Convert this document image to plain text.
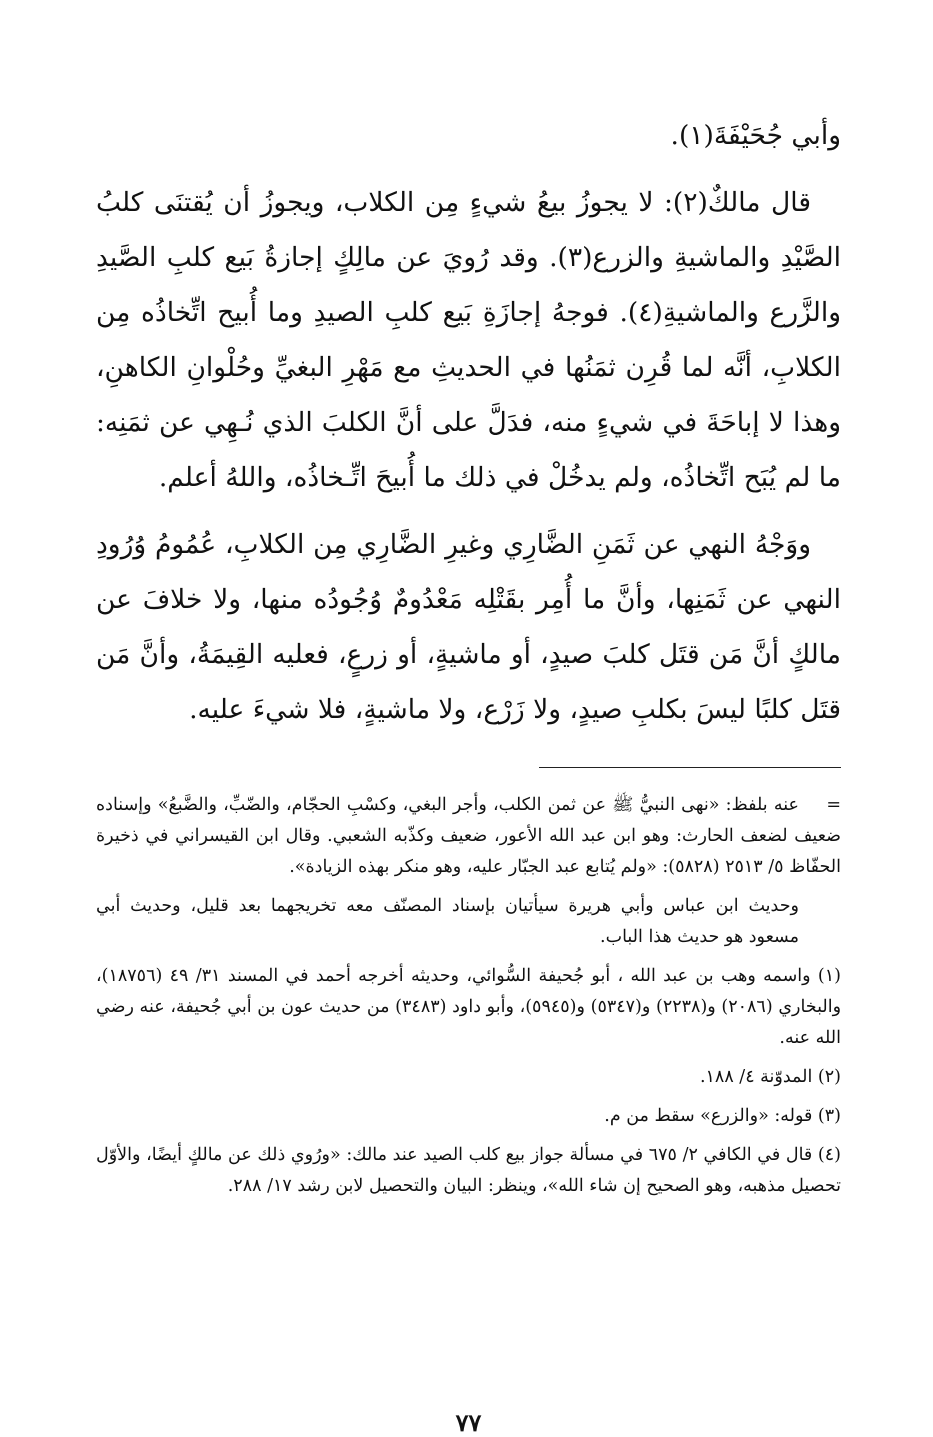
وأبي جُحَيْفَةَ(١).

قال مالكٌ(٢): لا يجوزُ بيعُ شيءٍ مِن الكلاب، ويجوزُ أن يُقتنَى كلبُ الصَّيْدِ والماشيةِ والزرع(٣). وقد رُويَ عن مالِكٍ إجازةُ بَيع كلبِ الصَّيدِ والزَّرع والماشيةِ(٤). فوجهُ إجازَةِ بَيع كلبِ الصيدِ وما أُبيح اتِّخاذُه مِن الكلابِ، أنَّه لما قُرِن ثمَنُها في الحديثِ مع مَهْرِ البغيِّ وحُلْوانِ الكاهنِ، وهذا لا إباحَةَ في شيءٍ منه، فدَلَّ على أنَّ الكلبَ الذي نُـهِي عن ثمَنِه: ما لم يُبَح اتِّخاذُه، ولم يدخُلْ في ذلك ما أُبيحَ اتِّـخاذُه، واللهُ أعلم.

ووَجْهُ النهي عن ثَمَنِ الضَّارِي وغيرِ الضَّارِي مِن الكلابِ، عُمُومُ وُرُودِ النهي عن ثَمَنِها، وأنَّ ما أُمِر بقَتْلِه مَعْدُومٌ وُجُودُه منها، ولا خلافَ عن مالكٍ أنَّ مَن قتَل كلبَ صيدٍ، أو ماشيةٍ، أو زرعٍ، فعليه القِيمَةُ، وأنَّ مَن قتَل كلبًا ليسَ بكلبِ صيدٍ، ولا زَرْع، ولا ماشيةٍ، فلا شيءَ عليه.

=عنه بلفظ: «نهى النبيُّ ﷺ عن ثمن الكلب، وأجر البغي، وكسْبِ الحجّام، والضّبِّ، والضَّبعُ» وإسناده ضعيف لضعف الحارث: وهو ابن عبد الله الأعور، ضعيف وكذّبه الشعبي. وقال ابن القيسراني في ذخيرة الحفّاظ ٥/ ٢٥١٣ (٥٨٢٨): «ولم يُتابع عبد الجبّار عليه، وهو منكر بهذه الزيادة».

وحديث ابن عباس وأبي هريرة سيأتيان بإسناد المصنّف معه تخريجهما بعد قليل، وحديث أبي مسعود هو حديث هذا الباب.

(١) واسمه وهب بن عبد الله ، أبو جُحيفة السُّوائي، وحديثه أخرجه أحمد في المسند ٣١/ ٤٩ (١٨٧٥٦)، والبخاري (٢٠٨٦) و(٢٢٣٨) و(٥٣٤٧) و(٥٩٤٥)، وأبو داود (٣٤٨٣) من حديث عون بن أبي جُحيفة، عنه رضي الله عنه.

(٢) المدوّنة ٤/ ١٨٨.

(٣) قوله: «والزرع» سقط من م.

(٤) قال في الكافي ٢/ ٦٧٥ في مسألة جواز بيع كلب الصيد عند مالك: «ورُوي ذلك عن مالكٍ أيضًا، والأوّل تحصيل مذهبه، وهو الصحيح إن شاء الله»، وينظر: البيان والتحصيل لابن رشد ١٧/ ٢٨٨.

٧٧
